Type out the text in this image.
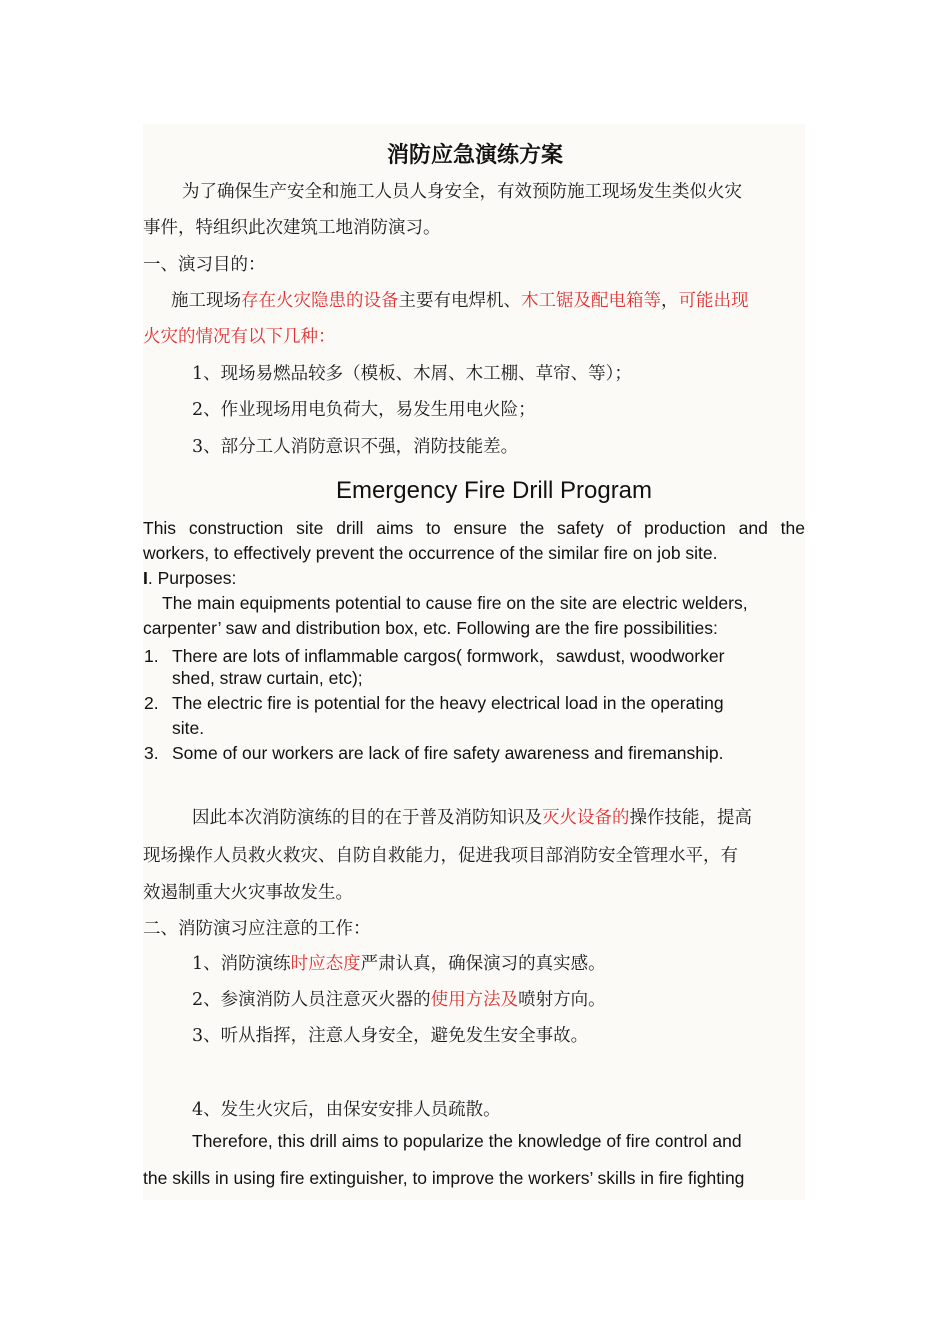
消防应急演练方案
为了确保生产安全和施工人员人身安全，有效预防施工现场发生类似火灾
事件，特组织此次建筑工地消防演习。
一、演习目的：
施工现场存在火灾隐患的设备主要有电焊机、木工锯及配电箱等，可能出现
火灾的情况有以下几种：
1、现场易燃品较多（模板、木屑、木工棚、草帘、等）；
2、作业现场用电负荷大，易发生用电火险；
3、部分工人消防意识不强，消防技能差。
Emergency Fire Drill Program
This construction site drill aims to ensure the safety of production and the
workers, to effectively prevent the occurrence of the similar fire on job site.
I. Purposes:
The main equipments potential to cause fire on the site are electric welders,
carpenter’ saw and distribution box, etc. Following are the fire possibilities:
1. There are lots of inflammable cargos( formwork，sawdust, woodworker
shed, straw curtain, etc);
2. The electric fire is potential for the heavy electrical load in the operating
site.
3. Some of our workers are lack of fire safety awareness and firemanship.
因此本次消防演练的目的在于普及消防知识及灭火设备的操作技能，提高
现场操作人员救火救灾、自防自救能力，促进我项目部消防安全管理水平，有
效遏制重大火灾事故发生。
二、消防演习应注意的工作：
1、消防演练时应态度严肃认真，确保演习的真实感。
2、参演消防人员注意灭火器的使用方法及喷射方向。
3、听从指挥，注意人身安全，避免发生安全事故。
4、发生火灾后，由保安安排人员疏散。
Therefore, this drill aims to popularize the knowledge of fire control and
the skills in using fire extinguisher, to improve the workers’ skills in fire fighting
